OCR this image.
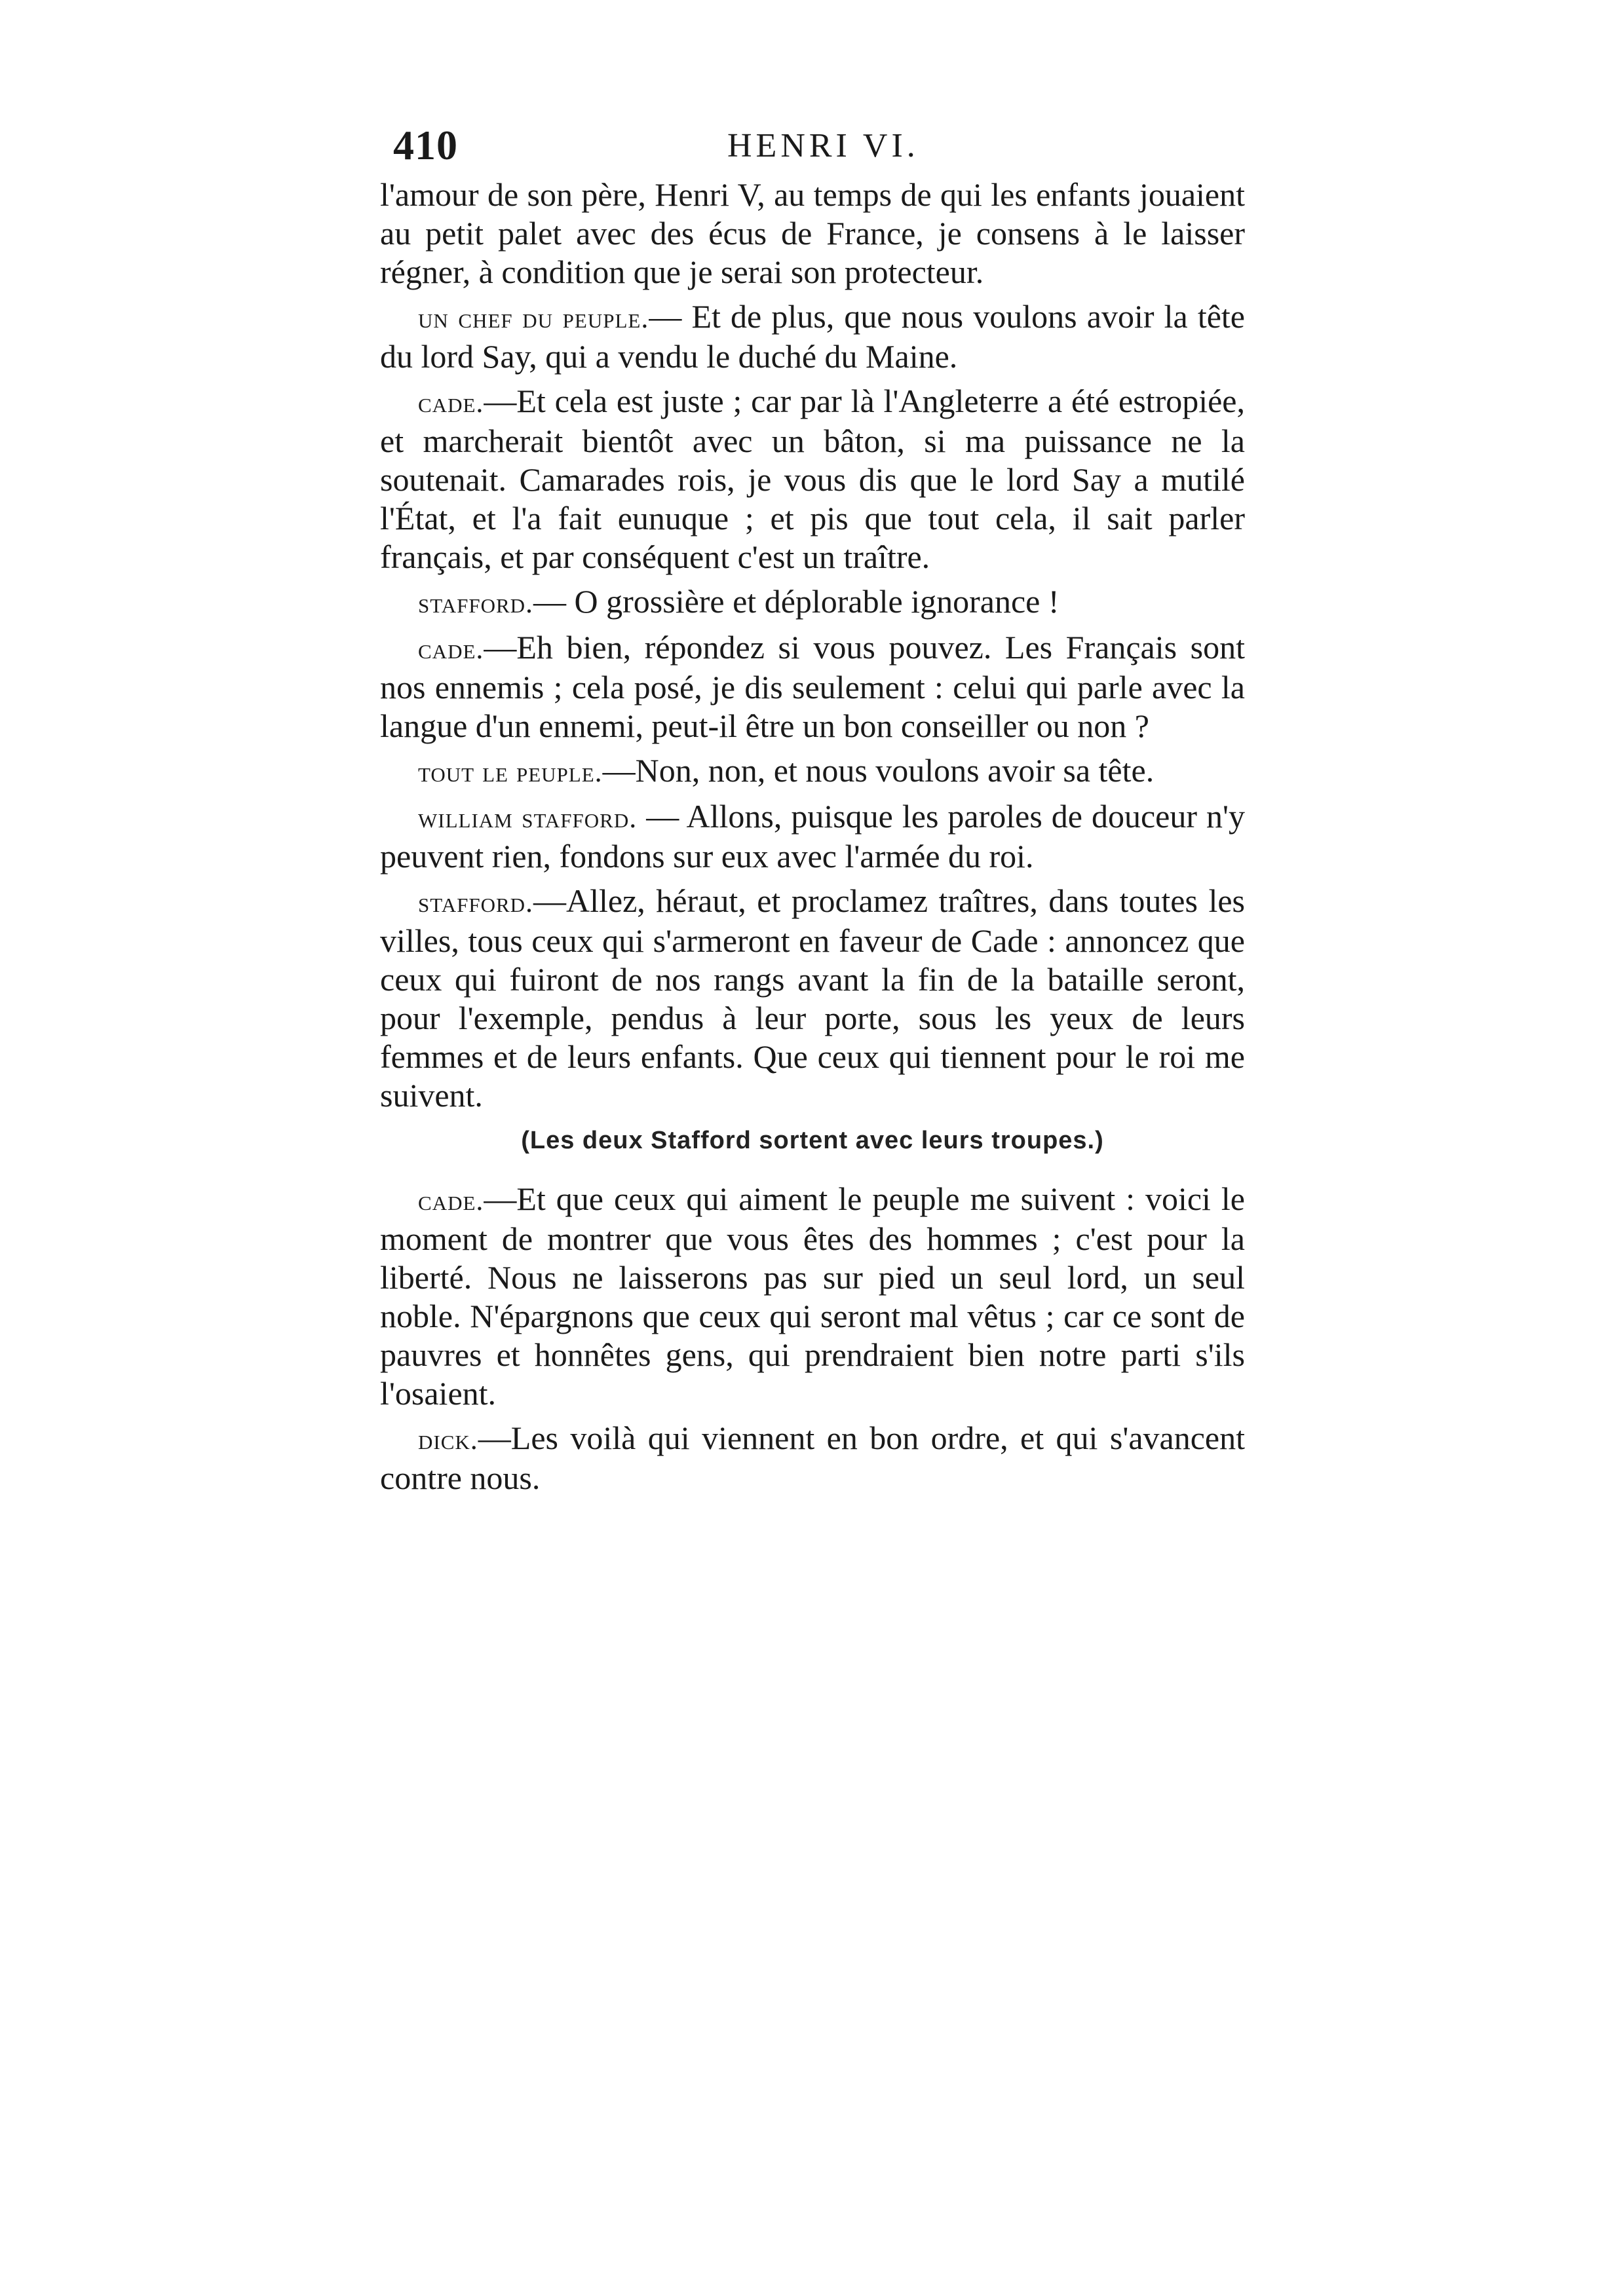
410	HENRI VI.

l'amour de son père, Henri V, au temps de qui les enfants jouaient au petit palet avec des écus de France, je consens à le laisser régner, à condition que je serai son protecteur.

un chef du peuple.— Et de plus, que nous voulons avoir la tête du lord Say, qui a vendu le duché du Maine.

cade.—Et cela est juste ; car par là l'Angleterre a été estropiée, et marcherait bientôt avec un bâton, si ma puissance ne la soutenait. Camarades rois, je vous dis que le lord Say a mutilé l'État, et l'a fait eunuque ; et pis que tout cela, il sait parler français, et par conséquent c'est un traître.

stafford.— O grossière et déplorable ignorance !

cade.—Eh bien, répondez si vous pouvez. Les Français sont nos ennemis ; cela posé, je dis seulement : celui qui parle avec la langue d'un ennemi, peut-il être un bon conseiller ou non ?

tout le peuple.—Non, non, et nous voulons avoir sa tête.

william stafford. — Allons, puisque les paroles de douceur n'y peuvent rien, fondons sur eux avec l'armée du roi.

stafford.—Allez, héraut, et proclamez traîtres, dans toutes les villes, tous ceux qui s'armeront en faveur de Cade : annoncez que ceux qui fuiront de nos rangs avant la fin de la bataille seront, pour l'exemple, pendus à leur porte, sous les yeux de leurs femmes et de leurs enfants. Que ceux qui tiennent pour le roi me suivent.

(Les deux Stafford sortent avec leurs troupes.)

cade.—Et que ceux qui aiment le peuple me suivent : voici le moment de montrer que vous êtes des hommes ; c'est pour la liberté. Nous ne laisserons pas sur pied un seul lord, un seul noble. N'épargnons que ceux qui seront mal vêtus ; car ce sont de pauvres et honnêtes gens, qui prendraient bien notre parti s'ils l'osaient.

dick.—Les voilà qui viennent en bon ordre, et qui s'avancent contre nous.
